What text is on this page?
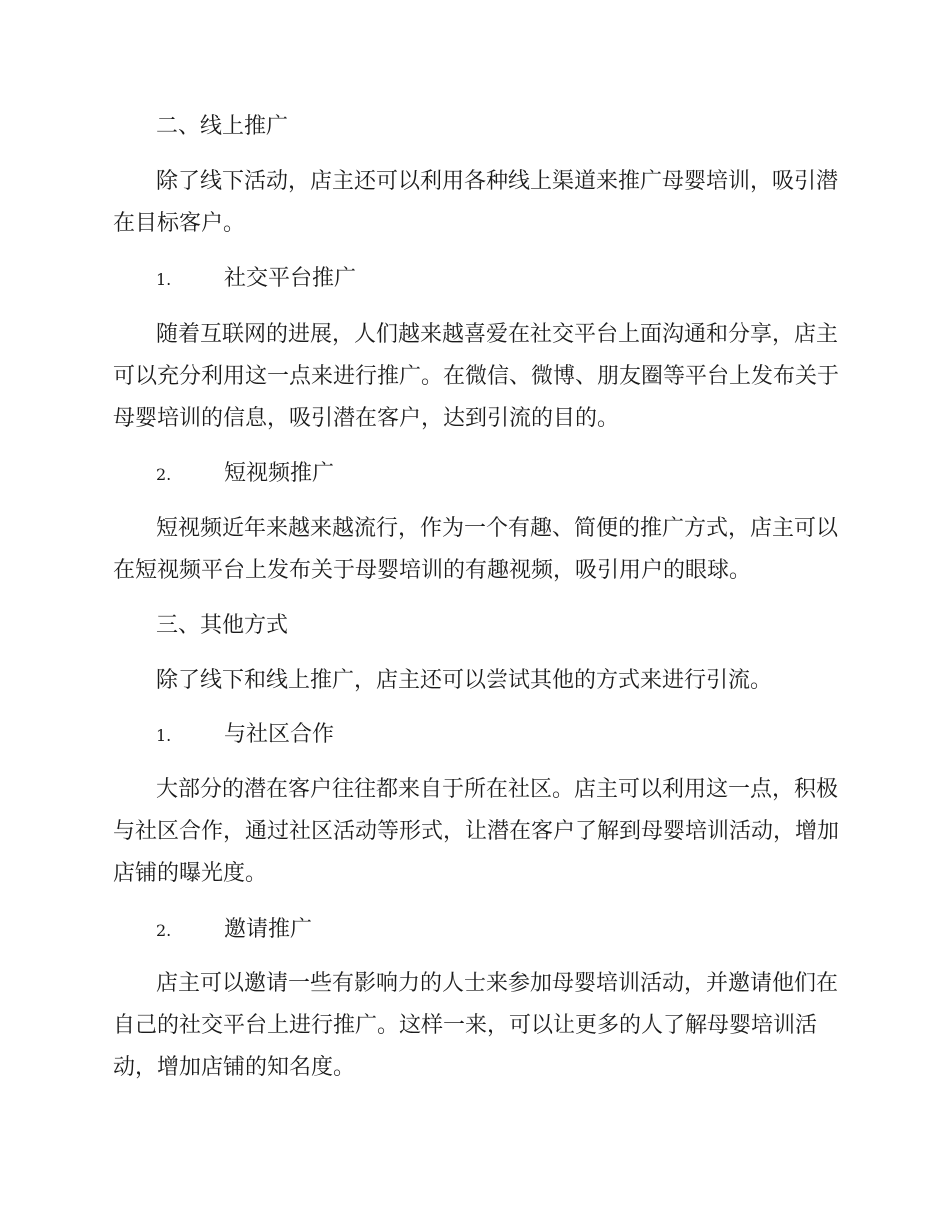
二、线上推广
除了线下活动，店主还可以利用各种线上渠道来推广母婴培训，吸引潜
在目标客户。
1. 社交平台推广
随着互联网的进展，人们越来越喜爱在社交平台上面沟通和分享，店主
可以充分利用这一点来进行推广。在微信、微博、朋友圈等平台上发布关于
母婴培训的信息，吸引潜在客户，达到引流的目的。
2. 短视频推广
短视频近年来越来越流行，作为一个有趣、简便的推广方式，店主可以
在短视频平台上发布关于母婴培训的有趣视频，吸引用户的眼球。
三、其他方式
除了线下和线上推广，店主还可以尝试其他的方式来进行引流。
1. 与社区合作
大部分的潜在客户往往都来自于所在社区。店主可以利用这一点，积极
与社区合作，通过社区活动等形式，让潜在客户了解到母婴培训活动，增加
店铺的曝光度。
2. 邀请推广
店主可以邀请一些有影响力的人士来参加母婴培训活动，并邀请他们在
自己的社交平台上进行推广。这样一来，可以让更多的人了解母婴培训活
动，增加店铺的知名度。
